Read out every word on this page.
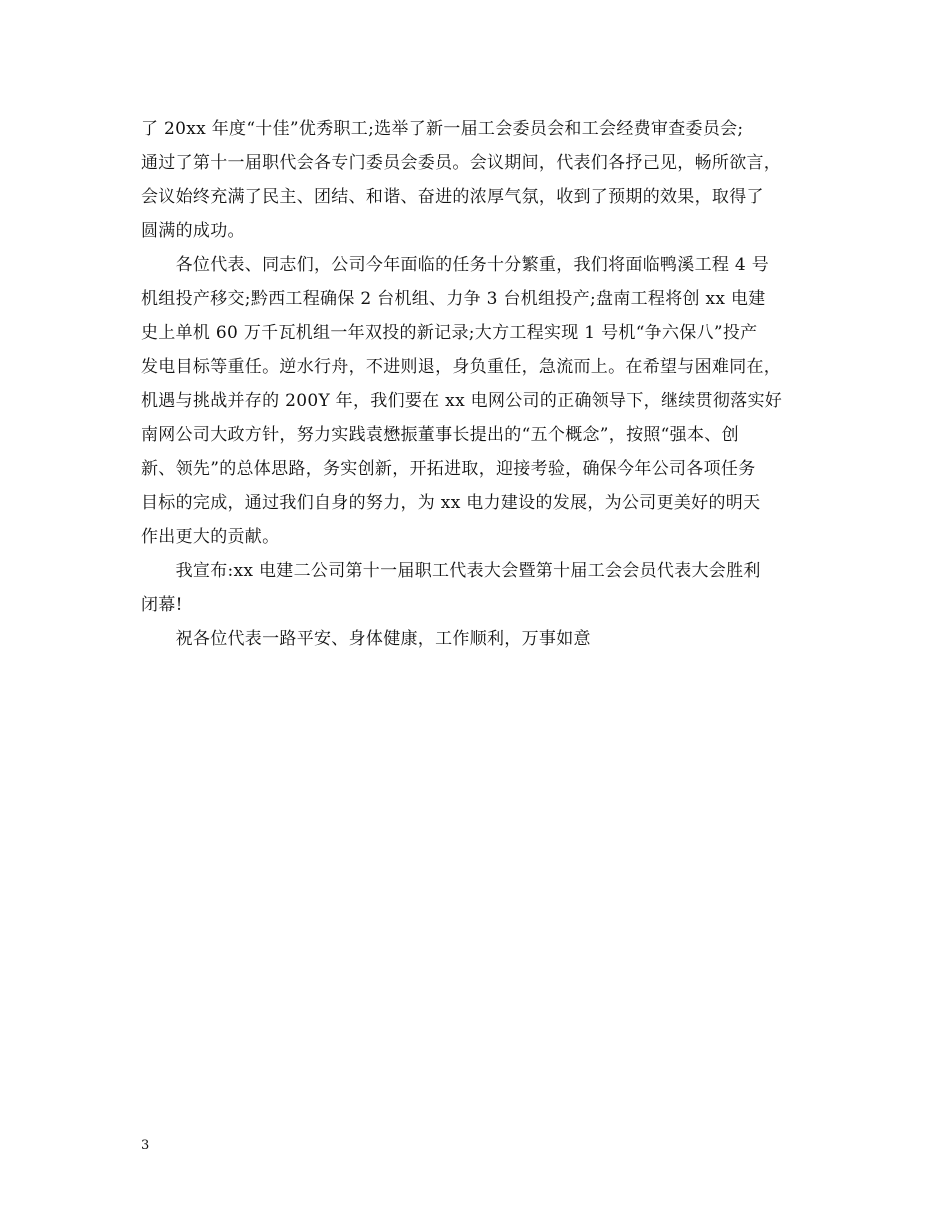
了 20xx 年度“十佳”优秀职工;选举了新一届工会委员会和工会经费审查委员会;
通过了第十一届职代会各专门委员会委员。会议期间，代表们各抒己见，畅所欲言，
会议始终充满了民主、团结、和谐、奋进的浓厚气氛，收到了预期的效果，取得了
圆满的成功。
　　各位代表、同志们，公司今年面临的任务十分繁重，我们将面临鸭溪工程 4 号
机组投产移交;黔西工程确保 2 台机组、力争 3 台机组投产;盘南工程将创 xx 电建
史上单机 60 万千瓦机组一年双投的新记录;大方工程实现 1 号机“争六保八”投产
发电目标等重任。逆水行舟，不进则退，身负重任，急流而上。在希望与困难同在，
机遇与挑战并存的 200Y 年，我们要在 xx 电网公司的正确领导下，继续贯彻落实好
南网公司大政方针，努力实践袁懋振董事长提出的“五个概念”，按照“强本、创
新、领先”的总体思路，务实创新，开拓进取，迎接考验，确保今年公司各项任务
目标的完成，通过我们自身的努力，为 xx 电力建设的发展，为公司更美好的明天
作出更大的贡献。
　　我宣布:xx 电建二公司第十一届职工代表大会暨第十届工会会员代表大会胜利
闭幕!
　　祝各位代表一路平安、身体健康，工作顺利，万事如意
3
